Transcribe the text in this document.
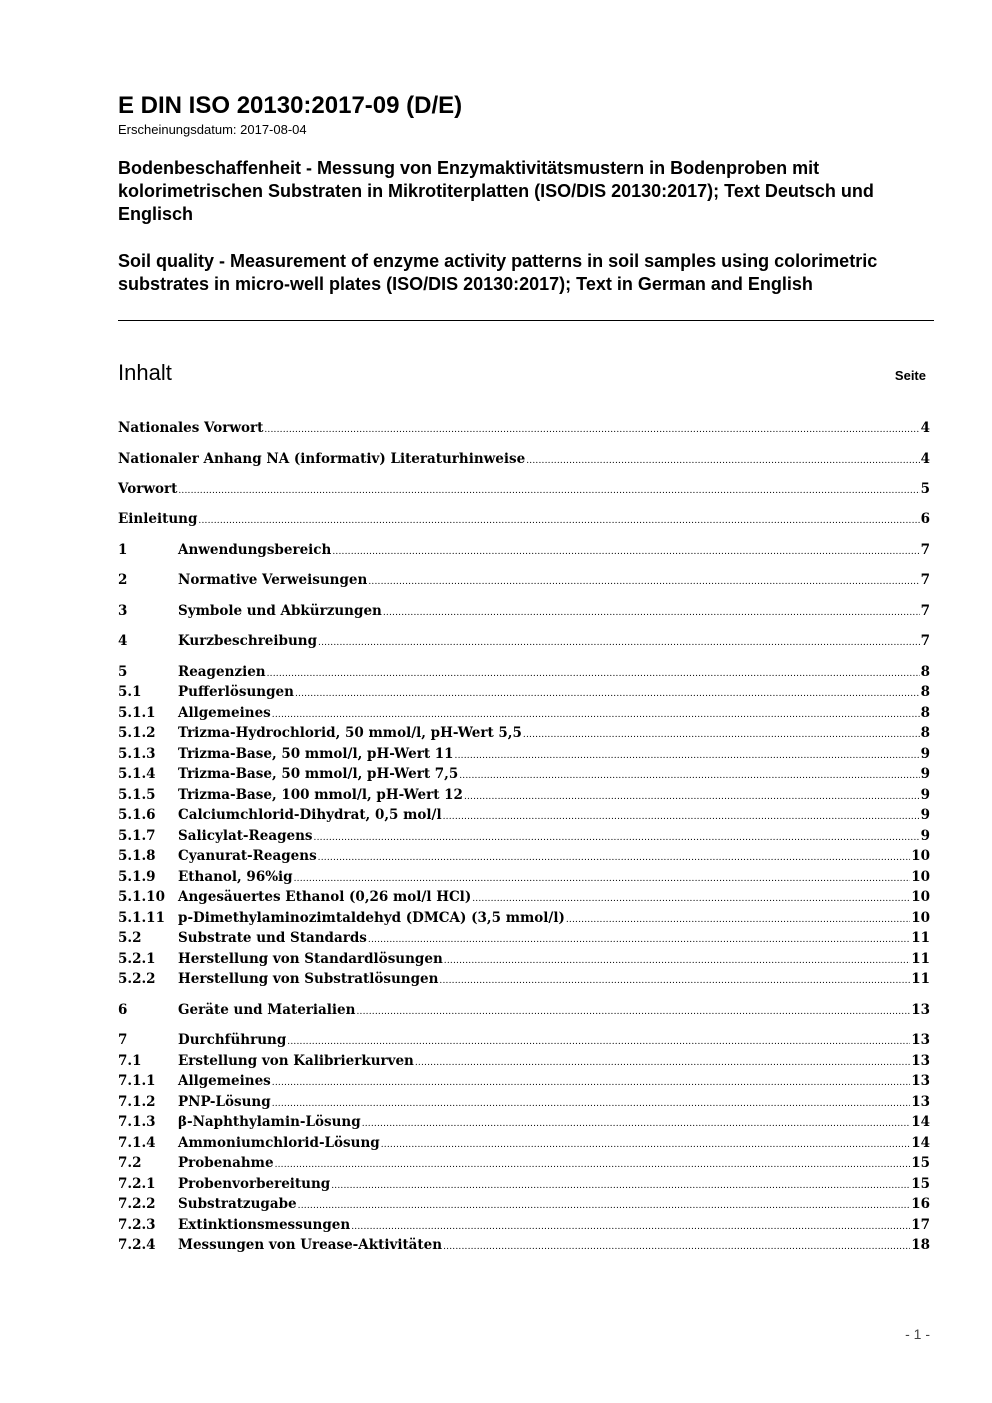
E DIN ISO 20130:2017-09 (D/E)

Erscheinungsdatum: 2017-08-04

Bodenbeschaffenheit - Messung von Enzymaktivitätsmustern in Bodenproben mit kolorimetrischen Substraten in Mikrotiterplatten (ISO/DIS 20130:2017); Text Deutsch und Englisch

Soil quality - Measurement of enzyme activity patterns in soil samples using colorimetric substrates in micro-well plates (ISO/DIS 20130:2017); Text in German and English

Inhalt	Seite
Nationales Vorwort .....	4
Nationaler Anhang NA (informativ) Literaturhinweise .....	4
Vorwort .....	5
Einleitung .....	6
1	Anwendungsbereich .....	7
2	Normative Verweisungen .....	7
3	Symbole und Abkürzungen .....	7
4	Kurzbeschreibung .....	7
5	Reagenzien .....	8
5.1	Pufferlösungen .....	8
5.1.1	Allgemeines .....	8
5.1.2	Trizma-Hydrochlorid, 50 mmol/l, pH-Wert 5,5 .....	8
5.1.3	Trizma-Base, 50 mmol/l, pH-Wert 11 .....	9
5.1.4	Trizma-Base, 50 mmol/l, pH-Wert 7,5 .....	9
5.1.5	Trizma-Base, 100 mmol/l, pH-Wert 12 .....	9
5.1.6	Calciumchlorid-Dihydrat, 0,5 mol/l .....	9
5.1.7	Salicylat-Reagens .....	9
5.1.8	Cyanurat-Reagens .....	10
5.1.9	Ethanol, 96%ig .....	10
5.1.10 Angesäuertes Ethanol (0,26 mol/l HCl) .....	10
5.1.11 p-Dimethylaminozimtaldehyd (DMCA) (3,5 mmol/l) .....	10
5.2	Substrate und Standards .....	11
5.2.1	Herstellung von Standardlösungen .....	11
5.2.2	Herstellung von Substratlösungen .....	11
6	Geräte und Materialien .....	13
7	Durchführung .....	13
7.1	Erstellung von Kalibrierkurven .....	13
7.1.1	Allgemeines .....	13
7.1.2	PNP-Lösung .....	13
7.1.3	β-Naphthylamin-Lösung .....	14
7.1.4	Ammoniumchlorid-Lösung .....	14
7.2	Probenahme .....	15
7.2.1	Probenvorbereitung .....	15
7.2.2	Substratzugabe .....	16
7.2.3	Extinktionsmessungen .....	17
7.2.4	Messungen von Urease-Aktivitäten .....	18
- 1 -
